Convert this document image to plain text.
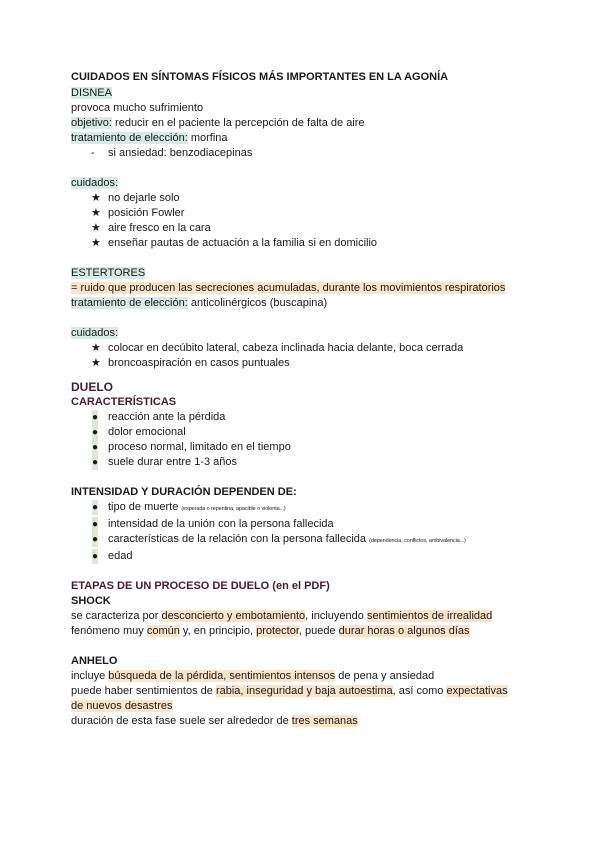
CUIDADOS EN SÍNTOMAS FÍSICOS MÁS IMPORTANTES EN LA AGONÍA
DISNEA
provoca mucho sufrimiento
objetivo: reducir en el paciente la percepción de falta de aire
tratamiento de elección: morfina
- si ansiedad: benzodiacepinas
cuidados:
★ no dejarle solo
★ posición Fowler
★ aire fresco en la cara
★ enseñar pautas de actuación a la familia si en domicilio
ESTERTORES
= ruido que producen las secreciones acumuladas, durante los movimientos respiratorios
tratamiento de elección: anticolinérgicos (buscapina)
cuidados:
★ colocar en decúbito lateral, cabeza inclinada hacia delante, boca cerrada
★ broncoaspiración en casos puntuales
DUELO
CARACTERÍSTICAS
● reacción ante la pérdida
● dolor emocional
● proceso normal, limitado en el tiempo
● suele durar entre 1-3 años
INTENSIDAD Y DURACIÓN DEPENDEN DE:
● tipo de muerte (esperada o repentina, apacible o violenta...)
● intensidad de la unión con la persona fallecida
● características de la relación con la persona fallecida (dependencia, conflictos, ambivalencia...)
● edad
ETAPAS DE UN PROCESO DE DUELO (en el PDF)
SHOCK
se caracteriza por desconcierto y embotamiento, incluyendo sentimientos de irrealidad
fenómeno muy común y, en principio, protector, puede durar horas o algunos días
ANHELO
incluye búsqueda de la pérdida, sentimientos intensos de pena y ansiedad
puede haber sentimientos de rabia, inseguridad y baja autoestima, así como expectativas
de nuevos desastres
duración de esta fase suele ser alrededor de tres semanas
